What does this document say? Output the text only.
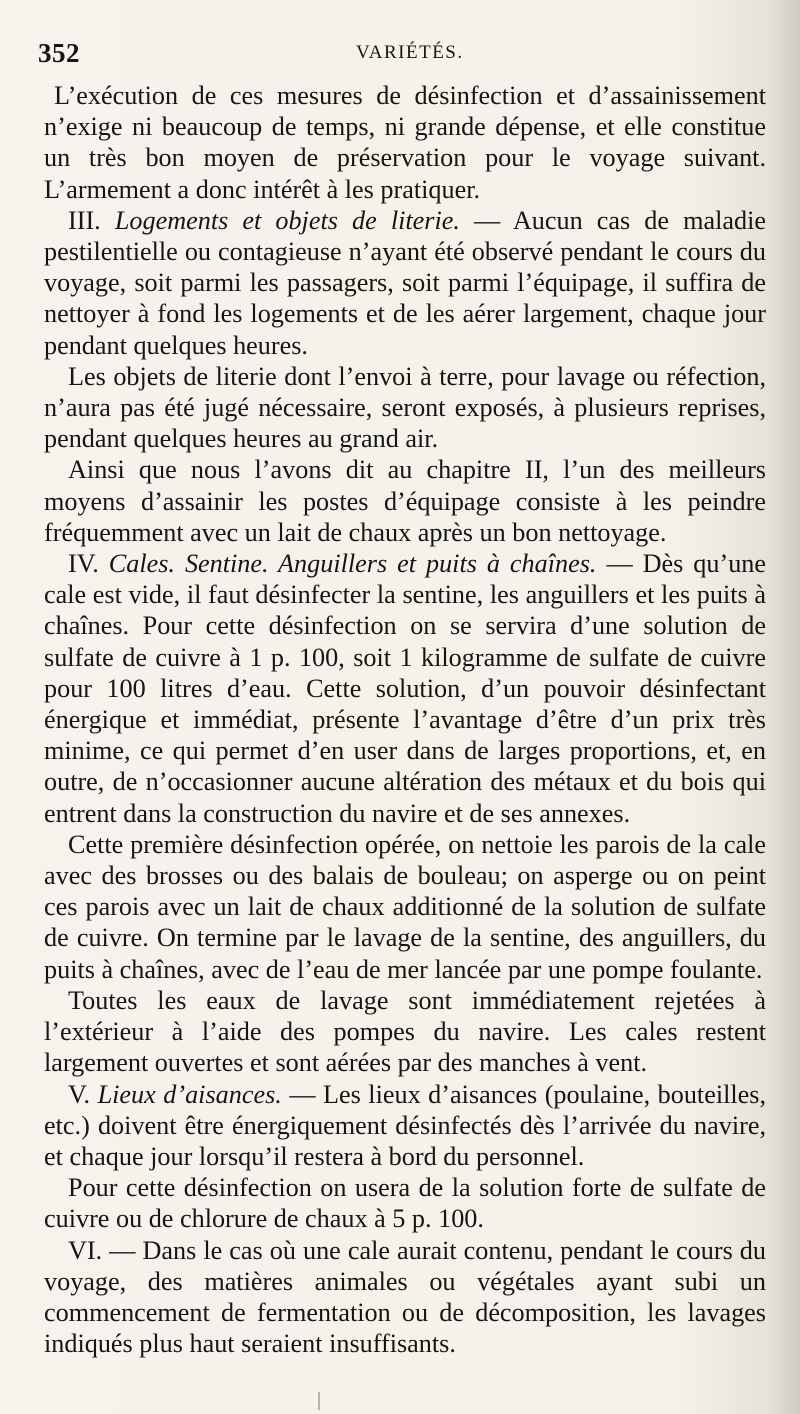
352	VARIÉTÉS.

L’exécution de ces mesures de désinfection et d’assainissement n’exige ni beaucoup de temps, ni grande dépense, et elle constitue un très bon moyen de préservation pour le voyage suivant. L’armement a donc intérêt à les pratiquer.

III. Logements et objets de literie. — Aucun cas de maladie pestilentielle ou contagieuse n’ayant été observé pendant le cours du voyage, soit parmi les passagers, soit parmi l’équipage, il suffira de nettoyer à fond les logements et de les aérer largement, chaque jour pendant quelques heures.

Les objets de literie dont l’envoi à terre, pour lavage ou réfection, n’aura pas été jugé nécessaire, seront exposés, à plusieurs reprises, pendant quelques heures au grand air.

Ainsi que nous l’avons dit au chapitre II, l’un des meilleurs moyens d’assainir les postes d’équipage consiste à les peindre fréquemment avec un lait de chaux après un bon nettoyage.

IV. Cales. Sentine. Anguillers et puits à chaînes. — Dès qu’une cale est vide, il faut désinfecter la sentine, les anguillers et les puits à chaînes. Pour cette désinfection on se servira d’une solution de sulfate de cuivre à 1 p. 100, soit 1 kilogramme de sulfate de cuivre pour 100 litres d’eau. Cette solution, d’un pouvoir désinfectant énergique et immédiat, présente l’avantage d’être d’un prix très minime, ce qui permet d’en user dans de larges proportions, et, en outre, de n’occasionner aucune altération des métaux et du bois qui entrent dans la construction du navire et de ses annexes.

Cette première désinfection opérée, on nettoie les parois de la cale avec des brosses ou des balais de bouleau; on asperge ou on peint ces parois avec un lait de chaux additionné de la solution de sulfate de cuivre. On termine par le lavage de la sentine, des anguillers, du puits à chaînes, avec de l’eau de mer lancée par une pompe foulante.

Toutes les eaux de lavage sont immédiatement rejetées à l’extérieur à l’aide des pompes du navire. Les cales restent largement ouvertes et sont aérées par des manches à vent.

V. Lieux d’aisances. — Les lieux d’aisances (poulaine, bouteilles, etc.) doivent être énergiquement désinfectés dès l’arrivée du navire, et chaque jour lorsqu’il restera à bord du personnel.

Pour cette désinfection on usera de la solution forte de sulfate de cuivre ou de chlorure de chaux à 5 p. 100.

VI. — Dans le cas où une cale aurait contenu, pendant le cours du voyage, des matières animales ou végétales ayant subi un commencement de fermentation ou de décomposition, les lavages indiqués plus haut seraient insuffisants.
